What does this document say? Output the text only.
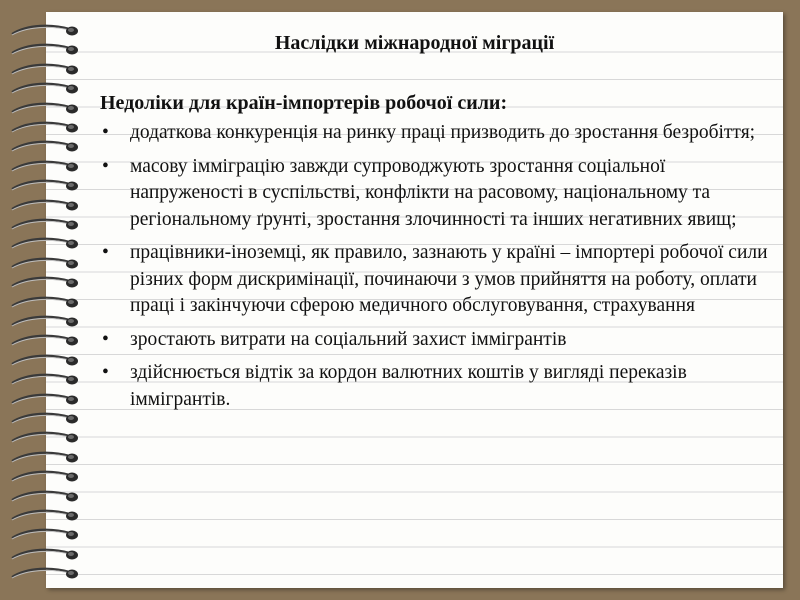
Наслідки міжнародної міграції
Недоліки для країн-імпортерів робочої сили:
• додаткова конкуренція на ринку праці призводить до зростання безробіття;
• масову імміграцію завжди супроводжують зростання соціальної напруженості в суспільстві, конфлікти на расовому, національному та регіональному ґрунті, зростання злочинності та інших негативних явищ;
• працівники-іноземці, як правило, зазнають у країні – імпортері робочої сили різних форм дискримінації, починаючи з умов прийняття на роботу, оплати праці і закінчуючи сферою медичного обслуговування, страхування
• зростають витрати на соціальний захист іммігрантів
• здійснюється відтік за кордон валютних коштів у вигляді переказів іммігрантів.
